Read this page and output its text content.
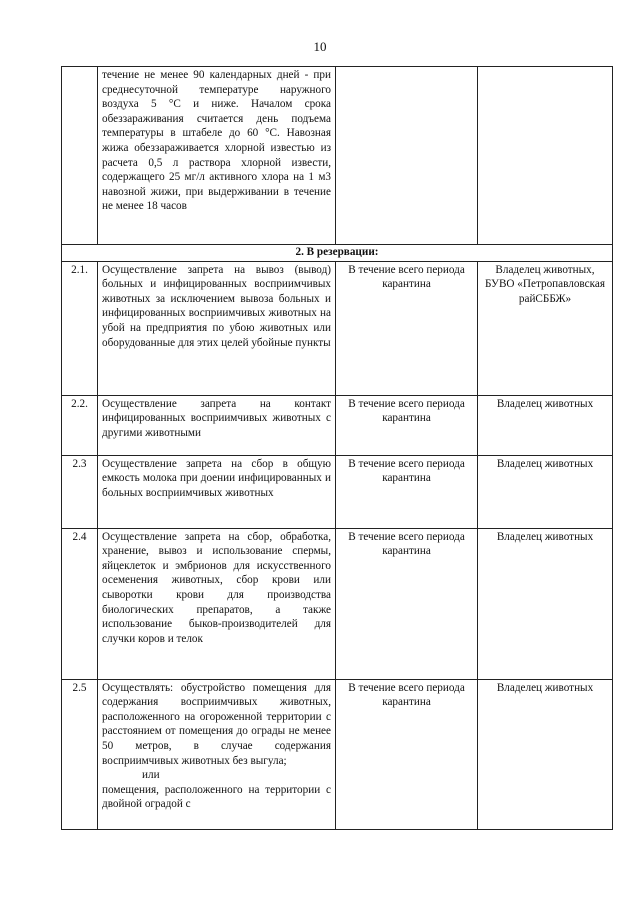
10
	течение не менее 90 календарных дней - при среднесуточной температуре наружного воздуха 5 °С и ниже. Началом срока обеззараживания считается день подъема температуры в штабеле до 60 °С. Навозная жижа обеззараживается хлорной известью из расчета 0,5 л раствора хлорной извести, содержащего 25 мг/л активного хлора на 1 м3 навозной жижи, при выдерживании в течение не менее 18 часов		
2. В резервации:			
2.1.	Осуществление запрета на вывоз (вывод) больных и инфицированных восприимчивых животных за исключением вывоза больных и инфицированных восприимчивых животных на убой на предприятия по убою животных или оборудованные для этих целей убойные пункты	В течение всего периода карантина	Владелец животных, БУВО «Петропавловская райСББЖ»
2.2.	Осуществление запрета на контакт инфицированных восприимчивых животных с другими животными	В течение всего периода карантина	Владелец животных
2.3	Осуществление запрета на сбор в общую емкость молока при доении инфицированных и больных восприимчивых животных	В течение всего периода карантина	Владелец животных
2.4	Осуществление запрета на сбор, обработка, хранение, вывоз и использование спермы, яйцеклеток и эмбрионов для искусственного осеменения животных, сбор крови или сыворотки крови для производства биологических препаратов, а также использование быков-производителей для случки коров и телок	В течение всего периода карантина	Владелец животных
2.5	Осуществлять: обустройство помещения для содержания восприимчивых животных, расположенного на огороженной территории с расстоянием от помещения до ограды не менее 50 метров, в случае содержания восприимчивых животных без выгула;
или
помещения, расположенного на территории с двойной оградой с	В течение всего периода карантина	Владелец животных
